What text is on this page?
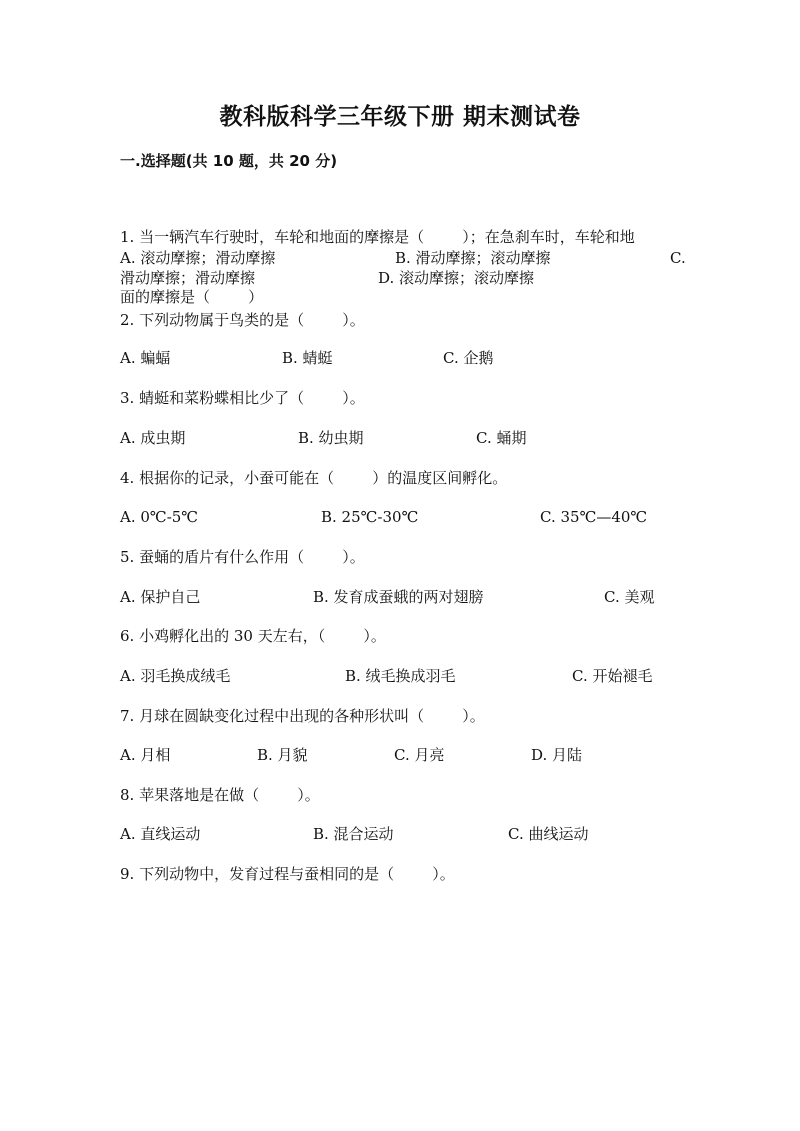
教科版科学三年级下册 期末测试卷
一.选择题(共 10 题，共 20 分)

1. 当一辆汽车行驶时，车轮和地面的摩擦是（        ）；在急刹车时，车轮和地

面的摩擦是（        ）

A. 滚动摩擦；滑动摩擦	B. 滑动摩擦；滚动摩擦	C.
滑动摩擦；滑动摩擦	D. 滚动摩擦；滚动摩擦
2. 下列动物属于鸟类的是（        ）。
A. 蝙蝠	B. 蜻蜓	C. 企鹅
3. 蜻蜓和菜粉蝶相比少了（        ）。
A. 成虫期	B. 幼虫期	C. 蛹期
4. 根据你的记录，小蚕可能在（        ）的温度区间孵化。
A. 0℃-5℃	B. 25℃-30℃	C. 35℃—40℃
5. 蚕蛹的盾片有什么作用（        ）。
A. 保护自己	B. 发育成蚕蛾的两对翅膀	C. 美观
6. 小鸡孵化出的 30 天左右，（        ）。
A. 羽毛换成绒毛	B. 绒毛换成羽毛	C. 开始褪毛
7. 月球在圆缺变化过程中出现的各种形状叫（        ）。
A. 月相	B. 月貌	C. 月亮	D. 月陆
8. 苹果落地是在做（        ）。
A. 直线运动	B. 混合运动	C. 曲线运动
9. 下列动物中，发育过程与蚕相同的是（        ）。
